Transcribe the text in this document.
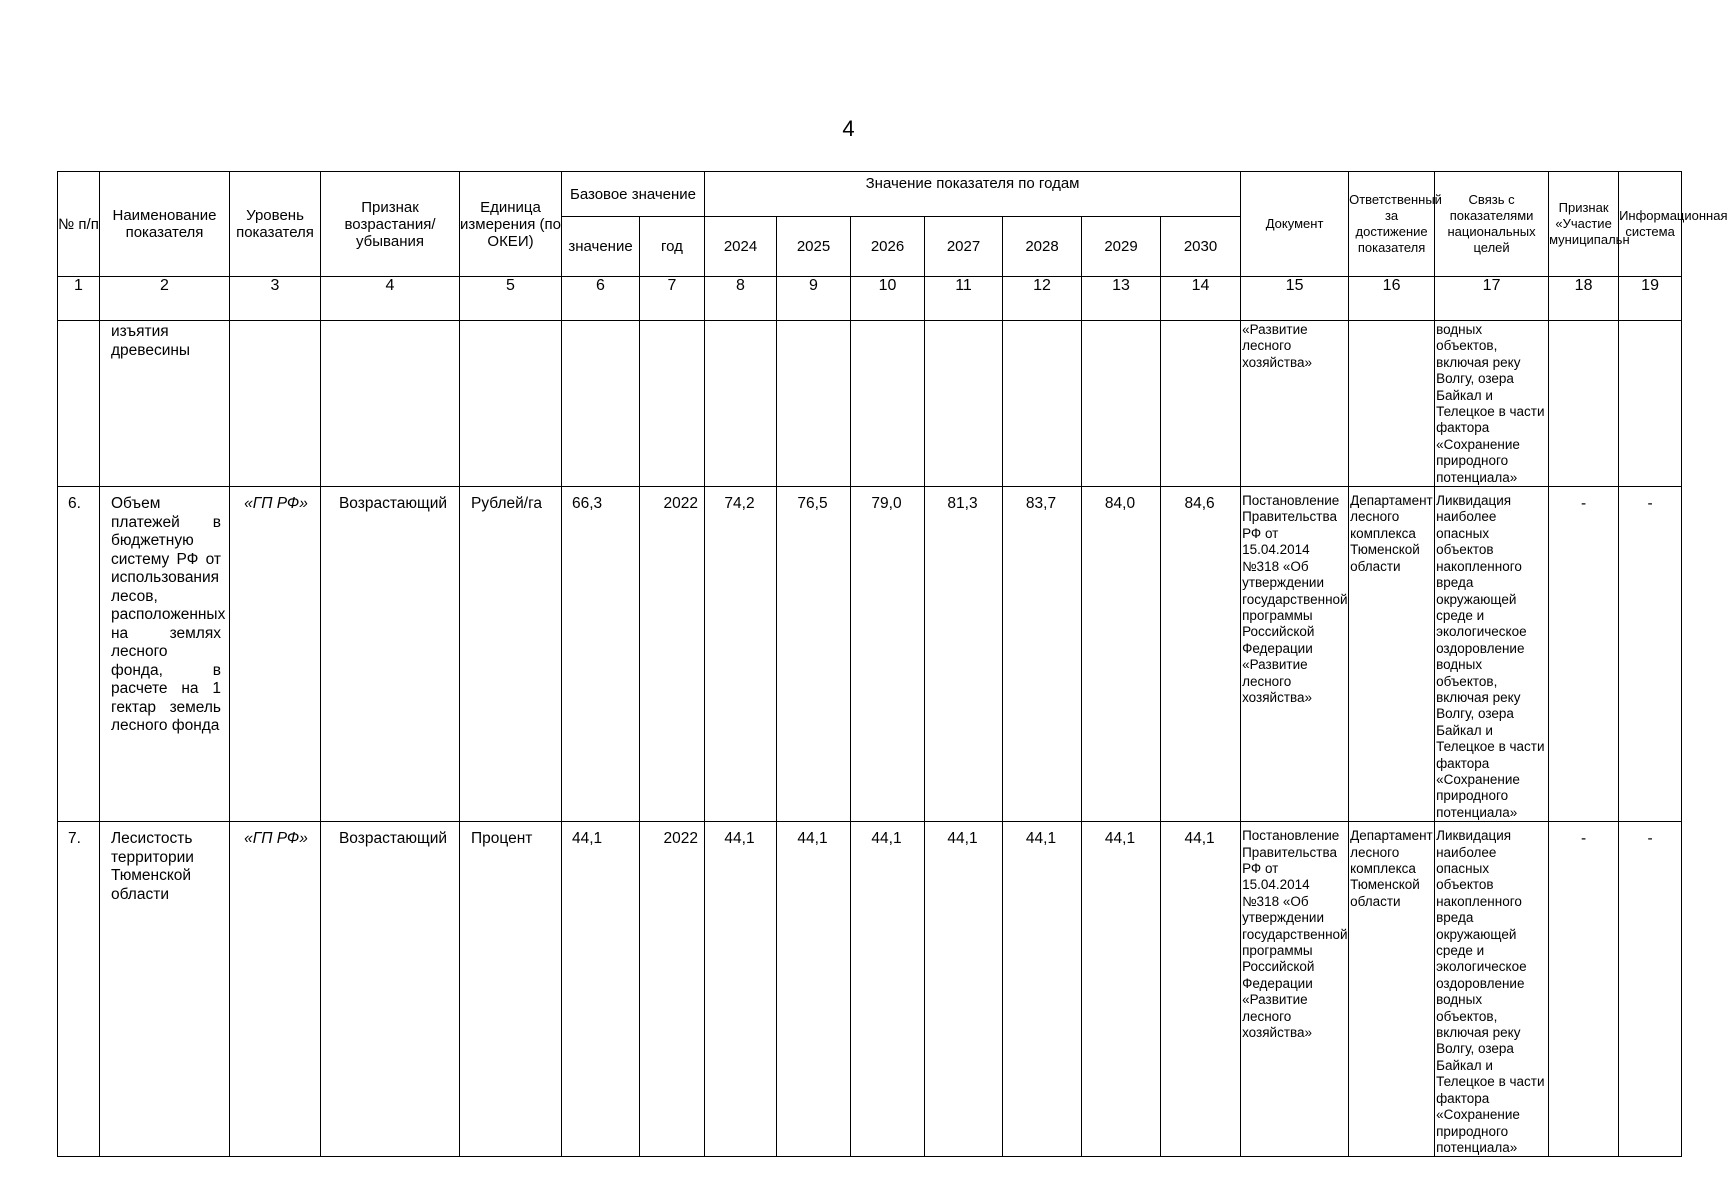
4
№ п/п	Наименование показателя	Уровень показателя	Признак возрастания/ убывания	Единица измерения (по ОКЕИ)	Базовое значение		Значение показателя по годам							Документ	Ответственный за достижение показателя	Связь с показателями национальных целей	Признак «Участие муниципальн	Информационная система
					значение	год	2024	2025	2026	2027	2028	2029	2030					
1	2	3	4	5	6	7	8	9	10	11	12	13	14	15	16	17	18	19
	изъятия древесины													«Развитие лесного хозяйства»		водных объектов, включая реку Волгу, озера Байкал и Телецкое в части фактора «Сохранение природного потенциала»		
6.	Объем платежей в бюджетную систему РФ от использования лесов, расположенных на землях лесного фонда, в расчете на 1 гектар земель лесного фонда	«ГП РФ»	Возрастающий	Рублей/га	66,3	2022	74,2	76,5	79,0	81,3	83,7	84,0	84,6	Постановление Правительства РФ от 15.04.2014 №318 «Об утверждении государственной программы Российской Федерации «Развитие лесного хозяйства»	Департамент лесного комплекса Тюменской области	Ликвидация наиболее опасных объектов накопленного вреда окружающей среде и экологическое оздоровление водных объектов, включая реку Волгу, озера Байкал и Телецкое в части фактора «Сохранение природного потенциала»	-	-
7.	Лесистость территории Тюменской области	«ГП РФ»	Возрастающий	Процент	44,1	2022	44,1	44,1	44,1	44,1	44,1	44,1	44,1	Постановление Правительства РФ от 15.04.2014 №318 «Об утверждении государственной программы Российской Федерации «Развитие лесного хозяйства»	Департамент лесного комплекса Тюменской области	Ликвидация наиболее опасных объектов накопленного вреда окружающей среде и экологическое оздоровление водных объектов, включая реку Волгу, озера Байкал и Телецкое в части фактора «Сохранение природного потенциала»	-	-
